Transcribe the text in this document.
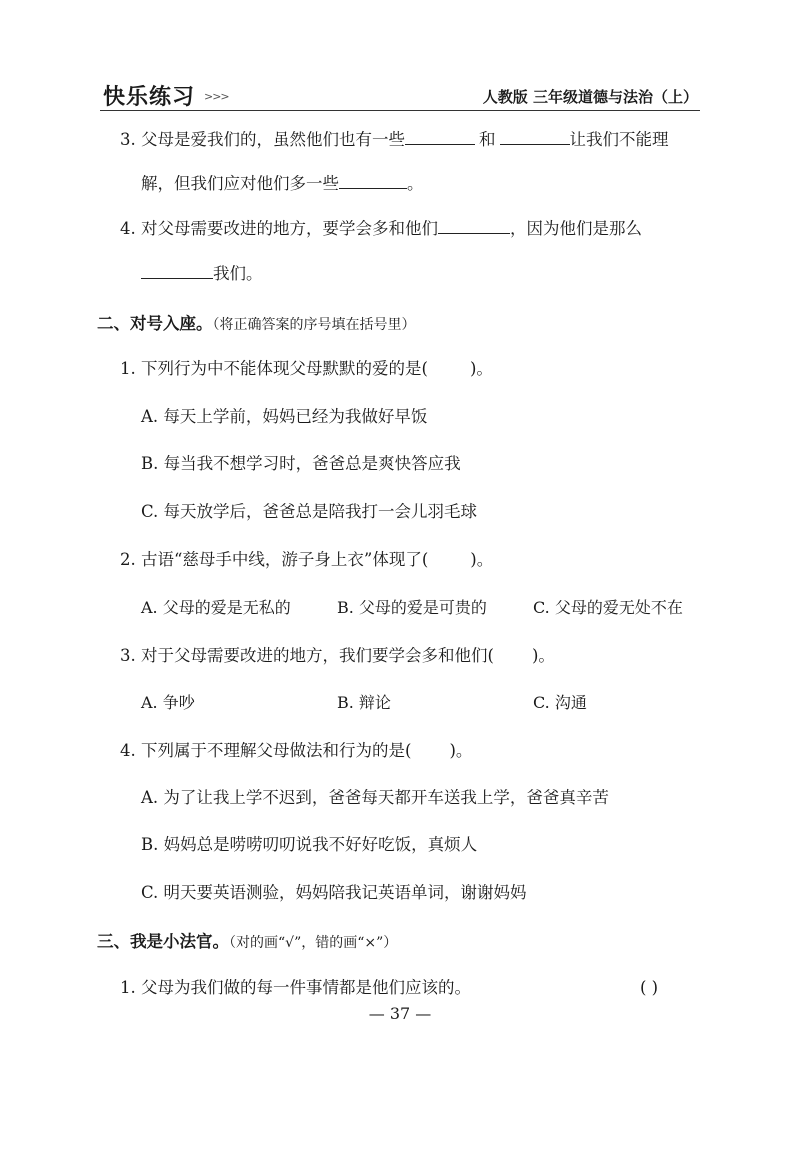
快乐练习 >>>	人教版 三年级道德与法治（上）
3. 父母是爱我们的，虽然他们也有一些	和	让我们不能理
解，但我们应对他们多一些	。
4. 对父母需要改进的地方，要学会多和他们	，因为他们是那么
我们。
二、对号入座。（将正确答案的序号填在括号里）
1. 下列行为中不能体现父母默默的爱的是(	)。
A. 每天上学前，妈妈已经为我做好早饭
B. 每当我不想学习时，爸爸总是爽快答应我
C. 每天放学后，爸爸总是陪我打一会儿羽毛球
2. 古语“慈母手中线，游子身上衣”体现了(	)。
A. 父母的爱是无私的	B. 父母的爱是可贵的	C. 父母的爱无处不在
3. 对于父母需要改进的地方，我们要学会多和他们( )。
A. 争吵	B. 辩论	C. 沟通
4. 下列属于不理解父母做法和行为的是( )。
A. 为了让我上学不迟到，爸爸每天都开车送我上学，爸爸真辛苦
B. 妈妈总是唠唠叨叨说我不好好吃饭，真烦人
C. 明天要英语测验，妈妈陪我记英语单词，谢谢妈妈
三、我是小法官。（对的画“√”，错的画“×”）
1. 父母为我们做的每一件事情都是他们应该的。	( )
— 37 —
